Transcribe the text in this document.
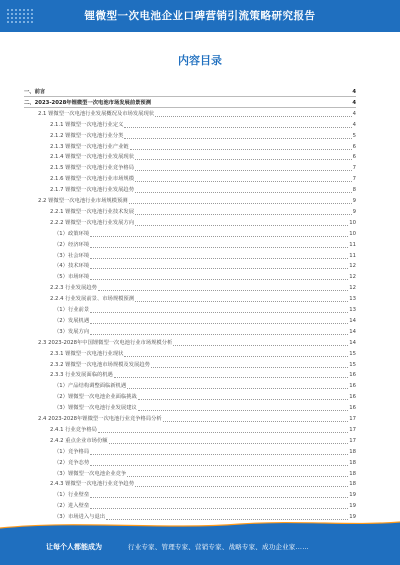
锂微型一次电池企业口碑营销引流策略研究报告
内容目录
一、前言	4
二、2023-2028年锂微型一次电池市场发展前景预测	4
2.1 锂微型一次电池行业发展概况及市场发展现状	4
2.1.1 锂微型一次电池行业定义	4
2.1.2 锂微型一次电池行业分类	5
2.1.3 锂微型一次电池行业产业链	6
2.1.4 锂微型一次电池行业发展现状	6
2.1.5 锂微型一次电池行业竞争格局	7
2.1.6 锂微型一次电池行业市场规模	7
2.1.7 锂微型一次电池行业发展趋势	8
2.2 锂微型一次电池行业市场规模预测	9
2.2.1 锂微型一次电池行业技术发展	9
2.2.2 锂微型一次电池行业发展方向	10
（1）政策环境	10
（2）经济环境	11
（3）社会环境	11
（4）技术环境	12
（5）市场环境	12
2.2.3 行业发展趋势	12
2.2.4 行业发展前景、市场规模预测	13
（1）行业前景	13
（2）发展机遇	14
（3）发展方向	14
2.3 2023-2028年中国锂微型一次电池行业市场规模分析	14
2.3.1 锂微型一次电池行业现状	15
2.3.2 锂微型一次电池市场规模及发展趋势	15
2.3.3 行业发展面临的机遇	16
（1）产品结构调整面临新机遇	16
（2）锂微型一次电池企业面临挑战	16
（3）锂微型一次电池行业发展建议	16
2.4 2023-2028年锂微型一次电池行业竞争格局分析	17
2.4.1 行业竞争格局	17
2.4.2 重点企业市场份额	17
（1）竞争格局	18
（2）竞争态势	18
（3）锂微型一次电池企业竞争	18
2.4.3 锂微型一次电池行业竞争趋势	18
（1）行业壁垒	19
（2）进入壁垒	19
（3）市场进入与退出	19
让每个人都能成为	行业专家、管理专家、营销专家、战略专家、成功企业家……
